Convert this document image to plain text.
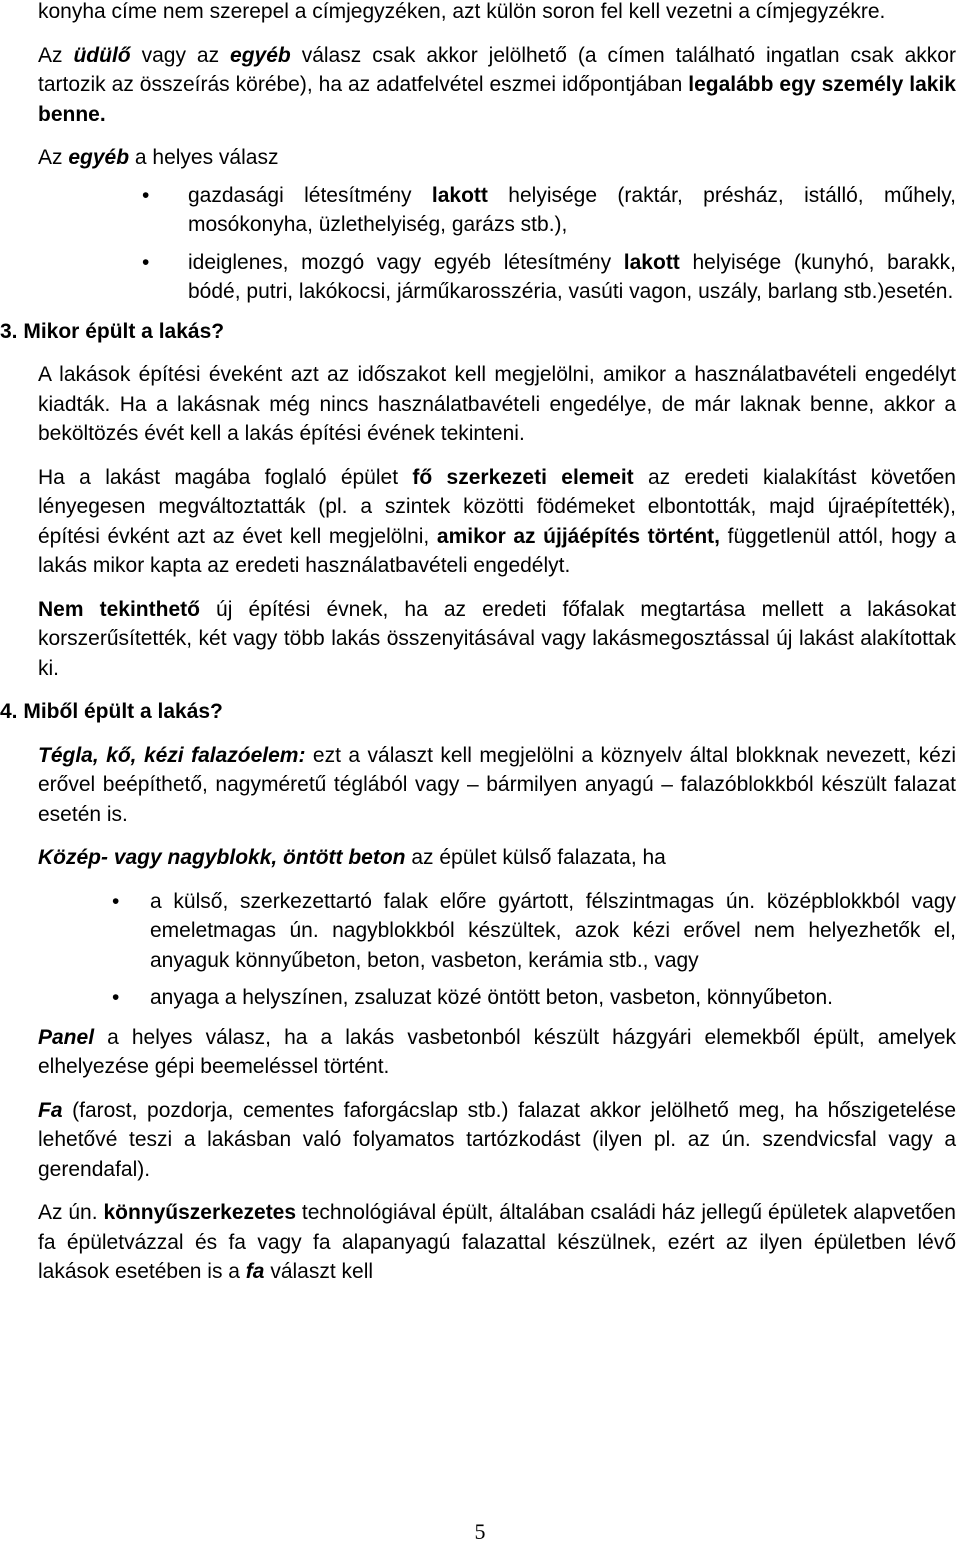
konyha címe nem szerepel a címjegyzéken, azt külön soron fel kell vezetni a címjegyzékre.

Az üdülő vagy az egyéb válasz csak akkor jelölhető (a címen található ingatlan csak akkor tartozik az összeírás körébe), ha az adatfelvétel eszmei időpontjában legalább egy személy lakik benne.

Az egyéb a helyes válasz

• gazdasági létesítmény lakott helyisége (raktár, présház, istálló, műhely, mosókonyha, üzlethelyiség, garázs stb.),
• ideiglenes, mozgó vagy egyéb létesítmény lakott helyisége (kunyhó, barakk, bódé, putri, lakókocsi, járműkarosszéria, vasúti vagon, uszály, barlang stb.)esetén.

3. Mikor épült a lakás?

A lakások építési éveként azt az időszakot kell megjelölni, amikor a használatbavételi engedélyt kiadták. Ha a lakásnak még nincs használatbavételi engedélye, de már laknak benne, akkor a beköltözés évét kell a lakás építési évének tekinteni.

Ha a lakást magába foglaló épület fő szerkezeti elemeit az eredeti kialakítást követően lényegesen megváltoztatták (pl. a szintek közötti födémeket elbontották, majd újraépítették), építési évként azt az évet kell megjelölni, amikor az újjáépítés történt, függetlenül attól, hogy a lakás mikor kapta az eredeti használatbavételi engedélyt.

Nem tekinthető új építési évnek, ha az eredeti főfalak megtartása mellett a lakásokat korszerűsítették, két vagy több lakás összenyitásával vagy lakásmegosztással új lakást alakítottak ki.

4. Miből épült a lakás?

Tégla, kő, kézi falazóelem: ezt a választ kell megjelölni a köznyelv által blokknak nevezett, kézi erővel beépíthető, nagyméretű téglából vagy – bármilyen anyagú – falazóblokkból készült falazat esetén is.

Közép- vagy nagyblokk, öntött beton az épület külső falazata, ha

• a külső, szerkezettartó falak előre gyártott, félszintmagas ún. középblokkból vagy emeletmagas ún. nagyblokkból készültek, azok kézi erővel nem helyezhetők el, anyaguk könnyűbeton, beton, vasbeton, kerámia stb., vagy
• anyaga a helyszínen, zsaluzat közé öntött beton, vasbeton, könnyűbeton.

Panel a helyes válasz, ha a lakás vasbetonból készült házgyári elemekből épült, amelyek elhelyezése gépi beemeléssel történt.

Fa (farost, pozdorja, cementes faforgácslap stb.) falazat akkor jelölhető meg, ha hőszigetelése lehetővé teszi a lakásban való folyamatos tartózkodást (ilyen pl. az ún. szendvicsfal vagy a gerendafal).

Az ún. könnyűszerkezetes technológiával épült, általában családi ház jellegű épületek alapvetően fa épületvázzal és fa vagy fa alapanyagú falazattal készülnek, ezért az ilyen épületben lévő lakások esetében is a fa választ kell

5
